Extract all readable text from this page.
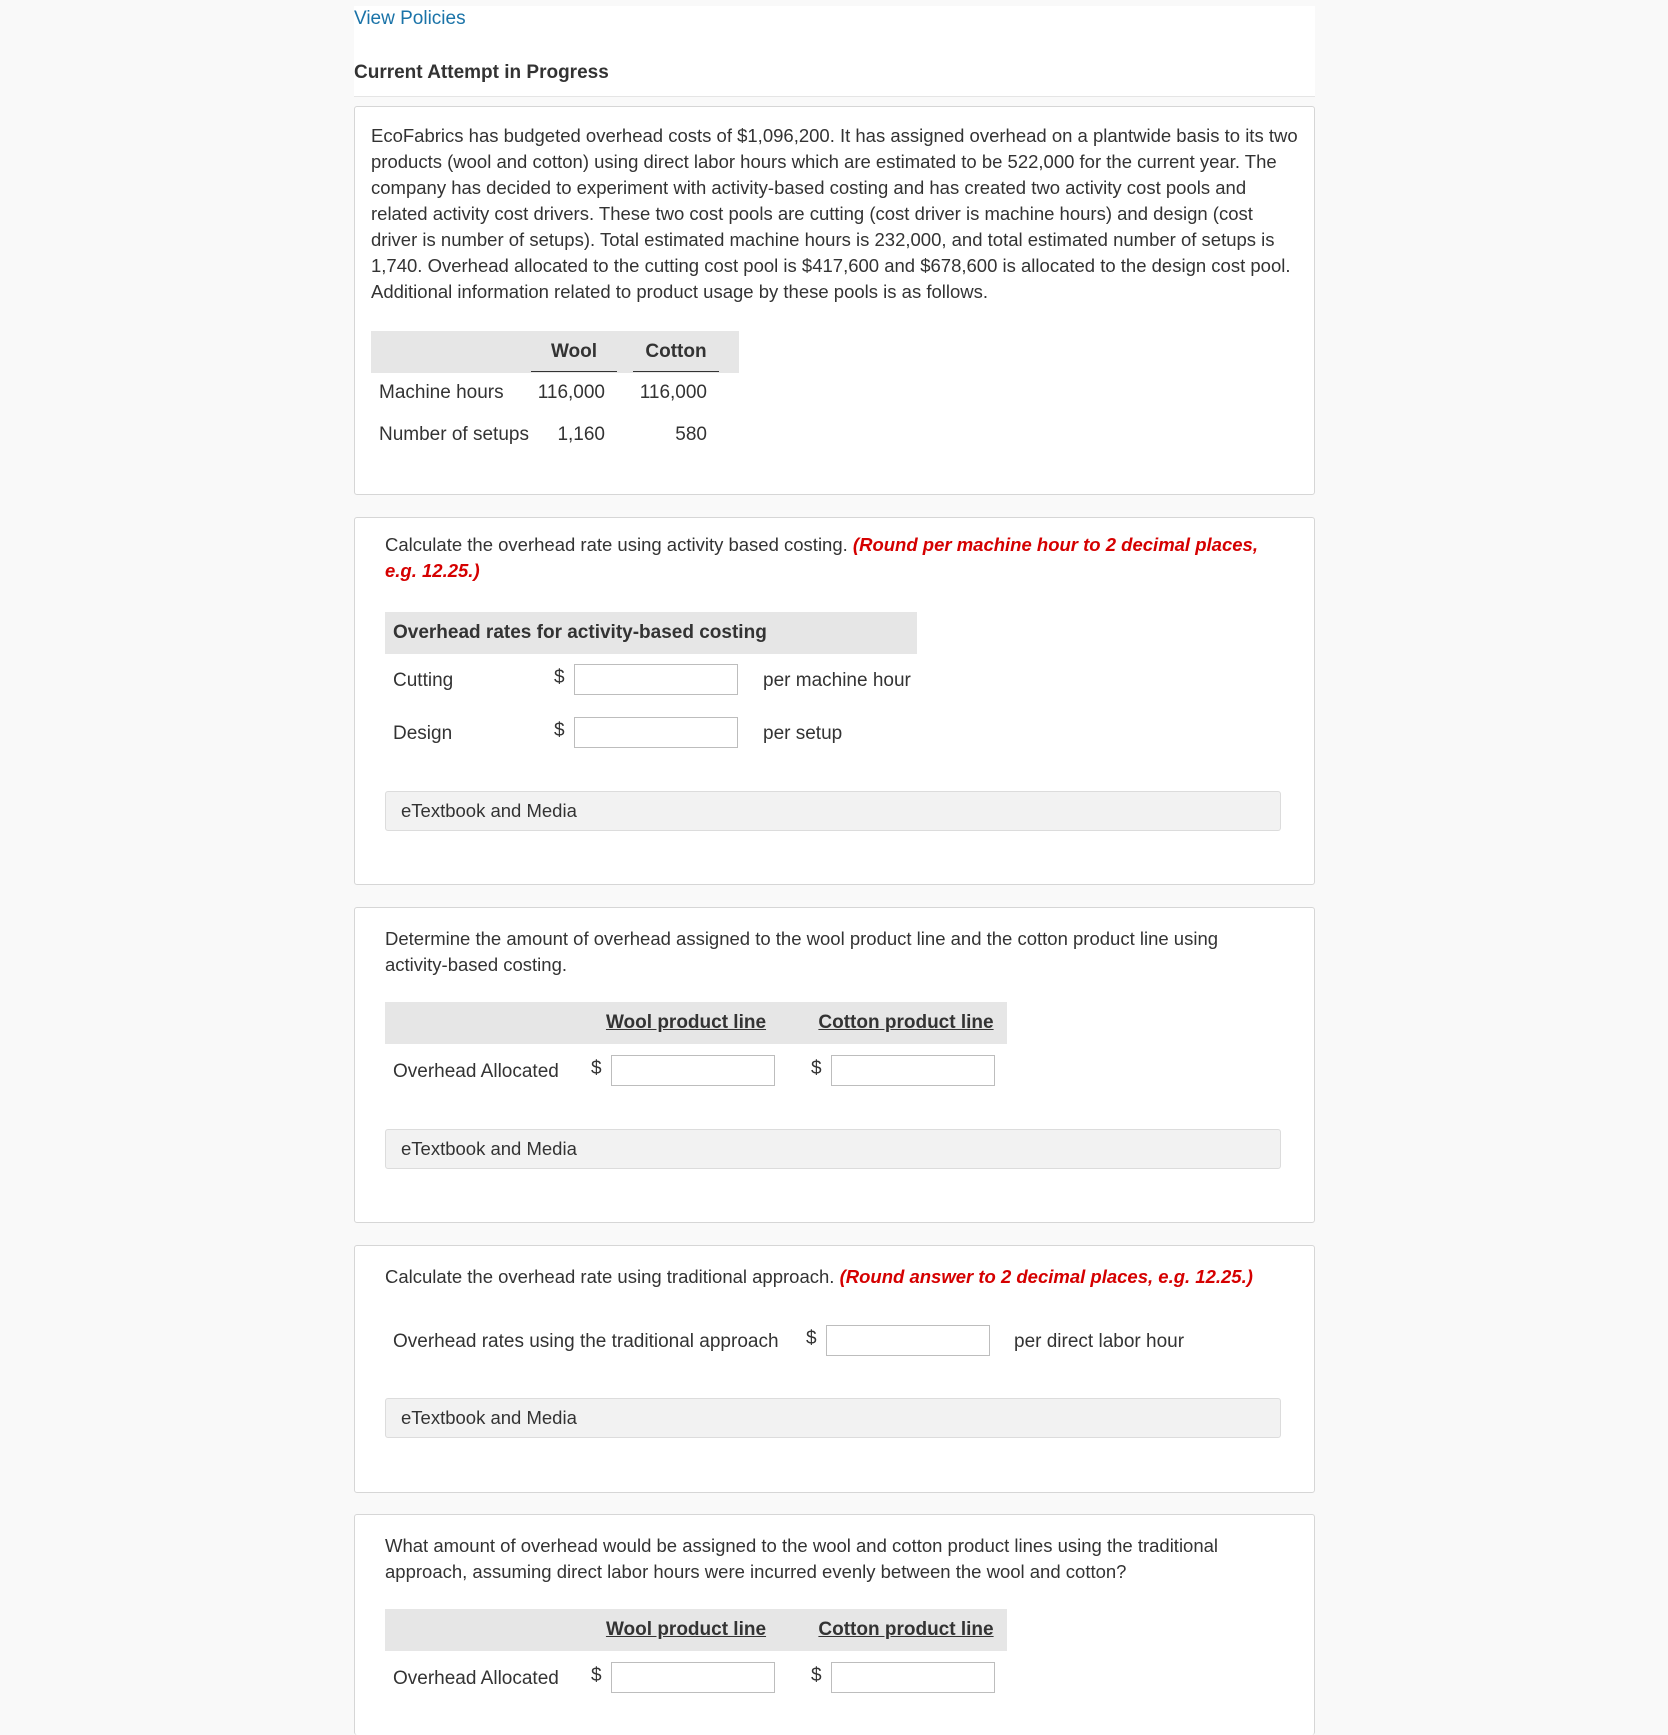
View Policies
Current Attempt in Progress
EcoFabrics has budgeted overhead costs of $1,096,200. It has assigned overhead on a plantwide basis to its two products (wool and cotton) using direct labor hours which are estimated to be 522,000 for the current year. The company has decided to experiment with activity-based costing and has created two activity cost pools and related activity cost drivers. These two cost pools are cutting (cost driver is machine hours) and design (cost driver is number of setups). Total estimated machine hours is 232,000, and total estimated number of setups is 1,740. Overhead allocated to the cutting cost pool is $417,600 and $678,600 is allocated to the design cost pool. Additional information related to product usage by these pools is as follows.
Wool	Cotton
Machine hours	116,000	116,000
Number of setups	1,160	580
Calculate the overhead rate using activity based costing. (Round per machine hour to 2 decimal places, e.g. 12.25.)
Overhead rates for activity-based costing
Cutting	$	per machine hour
Design	$	per setup
eTextbook and Media
Determine the amount of overhead assigned to the wool product line and the cotton product line using activity-based costing.
Wool product line	Cotton product line
Overhead Allocated $	$
eTextbook and Media
Calculate the overhead rate using traditional approach. (Round answer to 2 decimal places, e.g. 12.25.)
Overhead rates using the traditional approach $	per direct labor hour
eTextbook and Media
What amount of overhead would be assigned to the wool and cotton product lines using the traditional approach, assuming direct labor hours were incurred evenly between the wool and cotton?
Wool product line	Cotton product line
Overhead Allocated $	$
